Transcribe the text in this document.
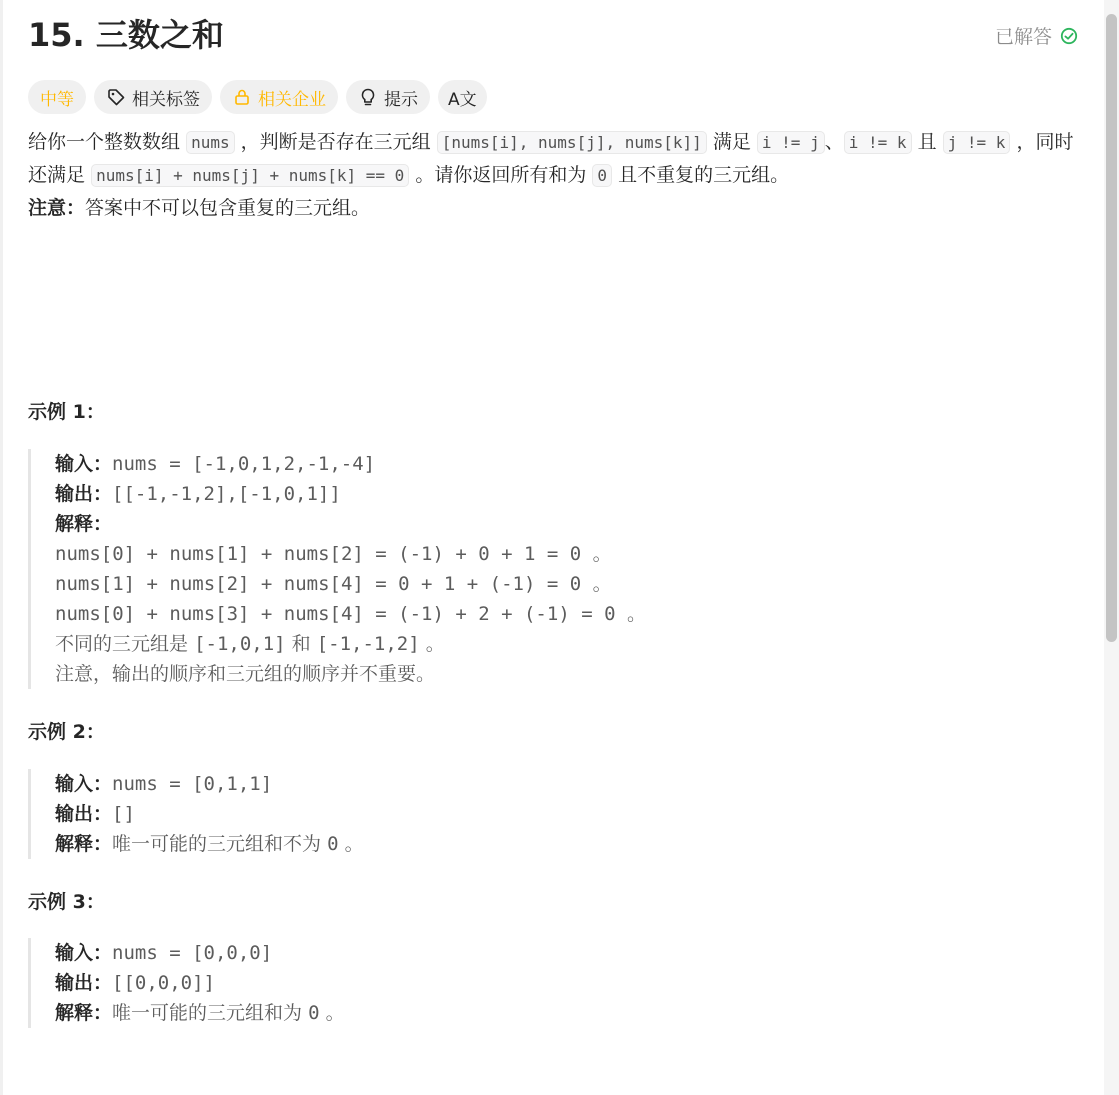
15. 三数之和	已解答
中等	相关标签	相关企业	提示 A文

给你一个整数数组 nums ，判断是否存在三元组 [nums[i], nums[j], nums[k]] 满足 i != j 、 i != k 且 j != k ，同时还满足 nums[i] + nums[j] + nums[k] == 0 。请你返回所有和为 0 且不重复的三元组。

注意：答案中不可以包含重复的三元组。

示例 1：
输入：nums = [-1,0,1,2,-1,-4]
输出：[[-1,-1,2],[-1,0,1]]
解释：
nums[0] + nums[1] + nums[2] = (-1) + 0 + 1 = 0 。
nums[1] + nums[2] + nums[4] = 0 + 1 + (-1) = 0 。
nums[0] + nums[3] + nums[4] = (-1) + 2 + (-1) = 0 。
不同的三元组是 [-1,0,1] 和 [-1,-1,2] 。
注意，输出的顺序和三元组的顺序并不重要。
示例 2：
输入：nums = [0,1,1]
输出：[]
解释：唯一可能的三元组和不为 0 。
示例 3：
输入：nums = [0,0,0]
输出：[[0,0,0]]
解释：唯一可能的三元组和为 0 。
